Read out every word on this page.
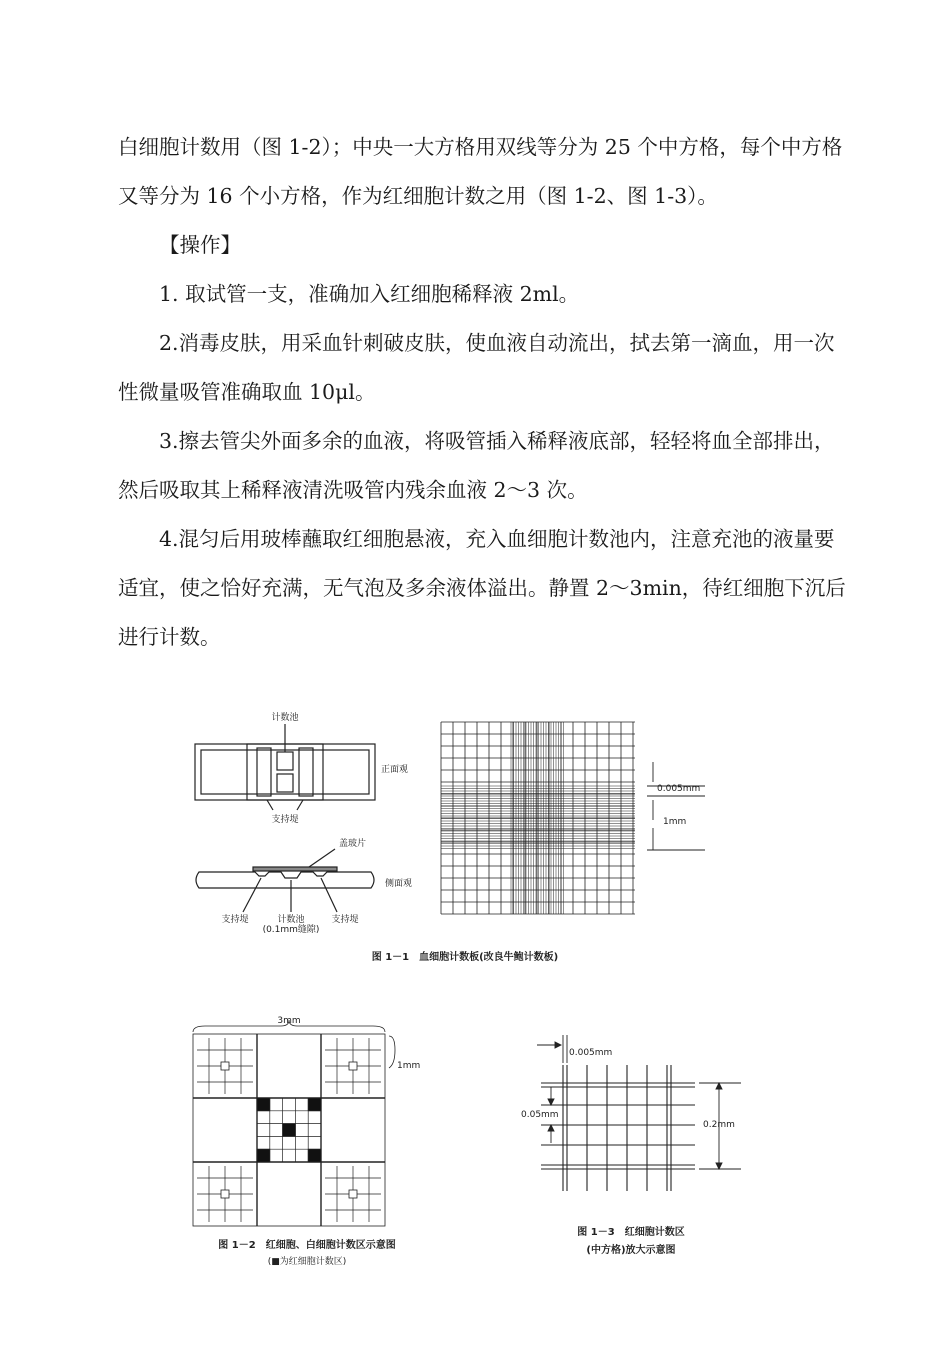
白细胞计数用（图 1-2）；中央一大方格用双线等分为 25 个中方格，每个中方格又等分为 16 个小方格，作为红细胞计数之用（图 1-2、图 1-3）。

【操作】

1. 取试管一支，准确加入红细胞稀释液 2ml。

2.消毒皮肤，用采血针刺破皮肤，使血液自动流出，拭去第一滴血，用一次性微量吸管准确取血 10μl。

3.擦去管尖外面多余的血液，将吸管插入稀释液底部，轻轻将血全部排出，然后吸取其上稀释液清洗吸管内残余血液 2～3 次。

4.混匀后用玻棒蘸取红细胞悬液，充入血细胞计数池内，注意充池的液量要适宜，使之恰好充满，无气泡及多余液体溢出。静置 2～3min，待红细胞下沉后进行计数。

计数池
正面观
支持堤
盖玻片
侧面观
支持堤	计数池
(0.1mm缝隙)
支持堤
0.005mm
1mm
图 1－1　血细胞计数板(改良牛鲍计数板)
3mm
1mm
图 1－2　红细胞、白细胞计数区示意图
(■为红细胞计数区)
0.005mm
0.05mm
0.2mm
图 1－3　红细胞计数区
(中方格)放大示意图
